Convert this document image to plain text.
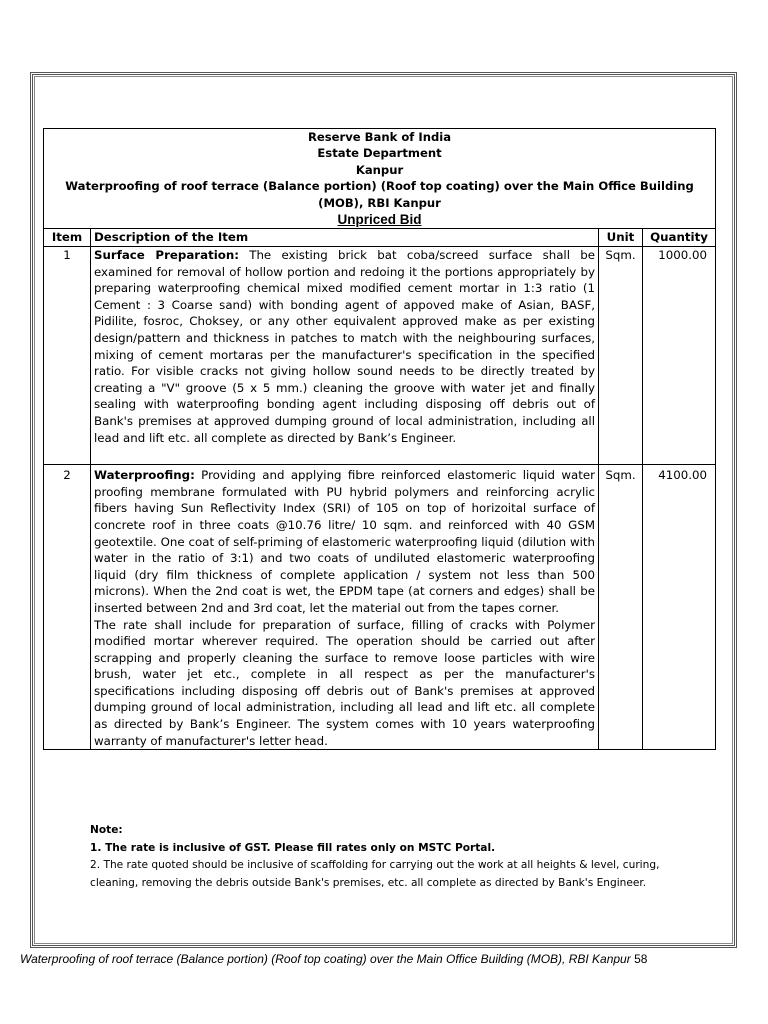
Reserve Bank of India
Estate Department
Kanpur
Waterproofing of roof terrace (Balance portion) (Roof top coating) over the Main Office Building (MOB), RBI Kanpur
Unpriced Bid			

Item	Description of the Item	Unit	Quantity
1	Surface Preparation: The existing brick bat coba/screed surface shall be examined for removal of hollow portion and redoing it the portions appropriately by preparing waterproofing chemical mixed modified cement mortar in 1:3 ratio (1 Cement : 3 Coarse sand) with bonding agent of appoved make of Asian, BASF, Pidilite, fosroc, Choksey, or any other equivalent approved make as per existing design/pattern and thickness in patches to match with the neighbouring surfaces, mixing of cement mortaras per the manufacturer's specification in the specified ratio. For visible cracks not giving hollow sound needs to be directly treated by creating a "V" groove (5 x 5 mm.) cleaning the groove with water jet and finally sealing with waterproofing bonding agent including disposing off debris out of Bank's premises at approved dumping ground of local administration, including all lead and lift etc. all complete as directed by Bank’s Engineer.	Sqm.	1000.00

2	Waterproofing: Providing and applying fibre reinforced elastomeric liquid water proofing membrane formulated with PU hybrid polymers and reinforcing acrylic fibers having Sun Reflectivity Index (SRI) of 105 on top of horizoital surface of concrete roof in three coats @10.76 litre/ 10 sqm. and reinforced with 40 GSM geotextile. One coat of self-priming of elastomeric waterproofing liquid (dilution with water in the ratio of 3:1) and two coats of undiluted elastomeric waterproofing liquid (dry film thickness of complete application / system not less than 500 microns). When the 2nd coat is wet, the EPDM tape (at corners and edges) shall be inserted between 2nd and 3rd coat, let the material out from the tapes corner.
The rate shall include for preparation of surface, filling of cracks with Polymer modified mortar wherever required. The operation should be carried out after scrapping and properly cleaning the surface to remove loose particles with wire brush, water jet etc., complete in all respect as per the manufacturer's specifications including disposing off debris out of Bank's premises at approved dumping ground of local administration, including all lead and lift etc. all complete as directed by Bank’s Engineer. The system comes with 10 years waterproofing warranty of manufacturer's letter head.	Sqm.	4100.00
Note:
1. The rate is inclusive of GST. Please fill rates only on MSTC Portal.
2. The rate quoted should be inclusive of scaffolding for carrying out the work at all heights & level, curing, cleaning, removing the debris outside Bank's premises, etc. all complete as directed by Bank's Engineer.
Waterproofing of roof terrace (Balance portion) (Roof top coating) over the Main Office Building (MOB), RBI Kanpur 58
